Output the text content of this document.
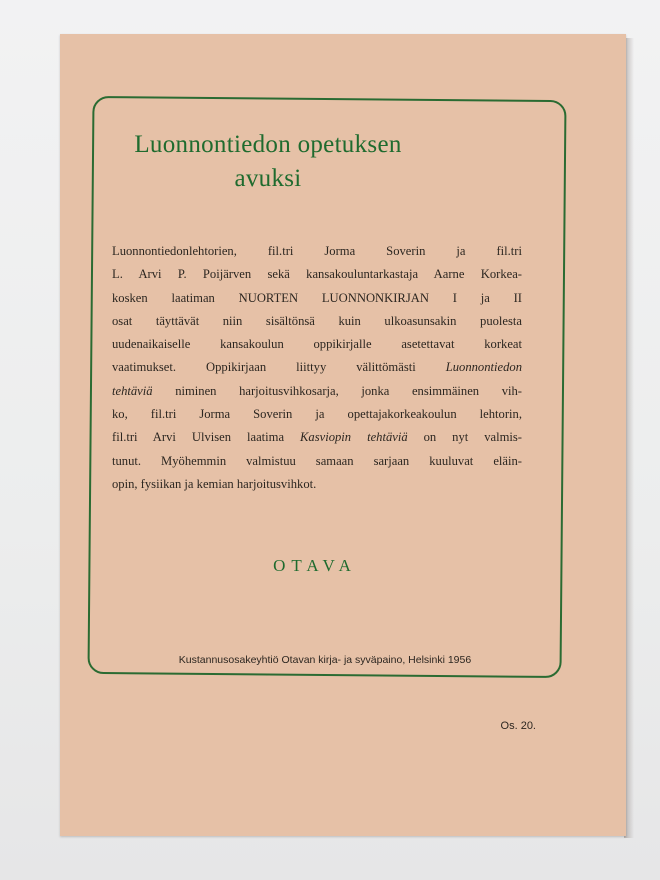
Luonnontiedon opetuksen
avuksi
Luonnontiedonlehtorien, fil.tri Jorma Soverin ja fil.tri
L. Arvi P. Poijärven sekä kansakouluntarkastaja Aarne Korkea-
kosken laatiman NUORTEN LUONNONKIRJAN I ja II
osat täyttävät niin sisältönsä kuin ulkoasunsakin puolesta
uudenaikaiselle kansakoulun oppikirjalle asetettavat korkeat
vaatimukset. Oppikirjaan liittyy välittömästi Luonnontiedon
tehtäviä niminen harjoitusvihkosarja, jonka ensimmäinen vih-
ko, fil.tri Jorma Soverin ja opettajakorkeakoulun lehtorin,
fil.tri Arvi Ulvisen laatima Kasviopin tehtäviä on nyt valmis-
tunut. Myöhemmin valmistuu samaan sarjaan kuuluvat eläin-
opin, fysiikan ja kemian harjoitusvihkot.
OTAVA
Kustannusosakeyhtiö Otavan kirja- ja syväpaino, Helsinki 1956
Os. 20.
